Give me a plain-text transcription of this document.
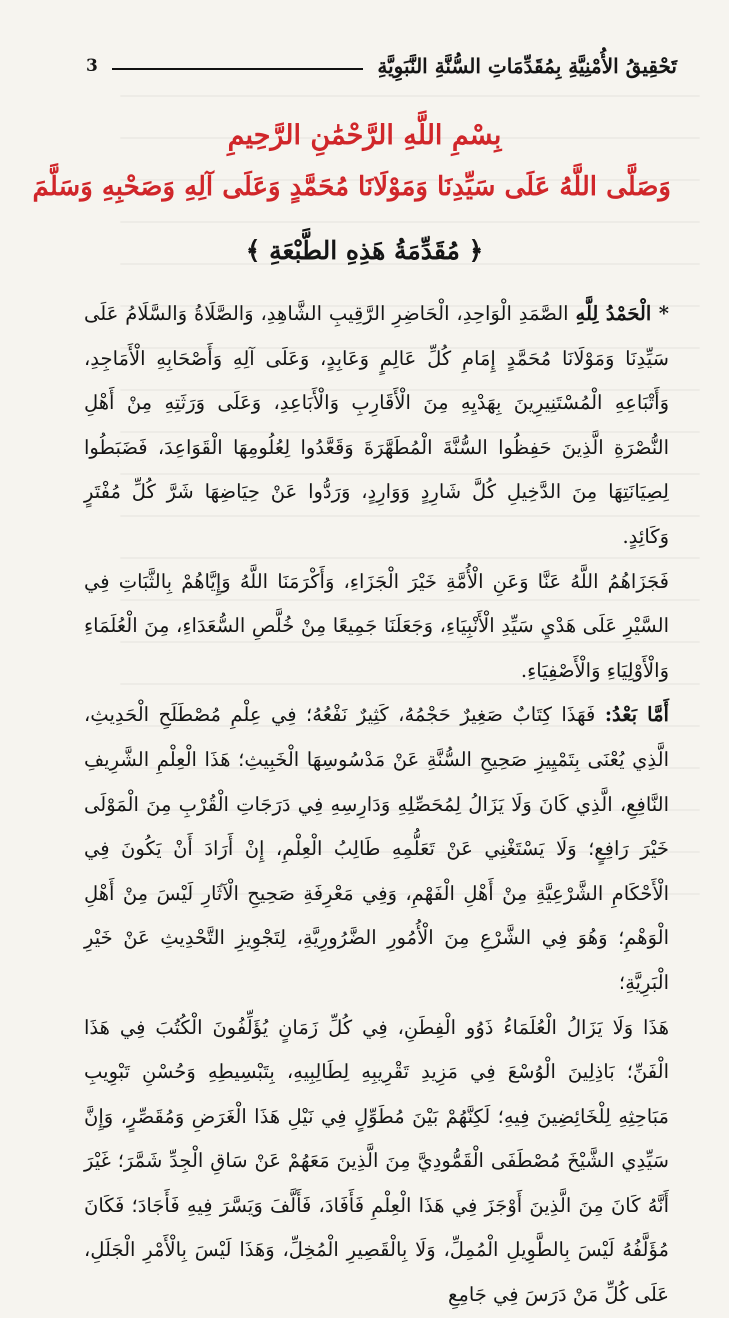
تَحْقِيقُ الأُمْنِيَّةِ بِمُقَدِّمَاتِ السُّنَّةِ النَّبَوِيَّةِ
3
بِسْمِ اللَّهِ الرَّحْمَٰنِ الرَّحِيمِ
وَصَلَّى اللَّهُ عَلَى سَيِّدِنَا وَمَوْلَانَا مُحَمَّدٍ وَعَلَى آلِهِ وَصَحْبِهِ وَسَلَّمَ
﴿ مُقَدِّمَةُ هَذِهِ الطَّبْعَةِ ﴾

* الْحَمْدُ لِلَّهِ الصَّمَدِ الْوَاحِدِ، الْحَاضِرِ الرَّقِيبِ الشَّاهِدِ، وَالصَّلَاةُ وَالسَّلَامُ عَلَى سَيِّدِنَا وَمَوْلَانَا مُحَمَّدٍ إِمَامِ كُلِّ عَالِمٍ وَعَابِدٍ، وَعَلَى آلِهِ وَأَصْحَابِهِ الْأَمَاجِدِ، وَأَتْبَاعِهِ الْمُسْتَنِيرِينَ بِهَدْيِهِ مِنَ الْأَقَارِبِ وَالْأَبَاعِدِ، وَعَلَى وَرَثَتِهِ مِنْ أَهْلِ النُّصْرَةِ الَّذِينَ حَفِظُوا السُّنَّةَ الْمُطَهَّرَةَ وَقَعَّدُوا لِعُلُومِهَا الْقَوَاعِدَ، فَضَبَطُوا لِصِيَانَتِهَا مِنَ الدَّخِيلِ كُلَّ شَارِدٍ وَوَارِدٍ، وَرَدُّوا عَنْ حِيَاضِهَا شَرَّ كُلِّ مُفْتَرٍ وَكَائِدٍ.

فَجَزَاهُمُ اللَّهُ عَنَّا وَعَنِ الْأُمَّةِ خَيْرَ الْجَزَاءِ، وَأَكْرَمَنَا اللَّهُ وَإِيَّاهُمْ بِالثَّبَاتِ فِي السَّيْرِ عَلَى هَدْيِ سَيِّدِ الْأَنْبِيَاءِ، وَجَعَلَنَا جَمِيعًا مِنْ خُلَّصِ السُّعَدَاءِ، مِنَ الْعُلَمَاءِ وَالْأَوْلِيَاءِ وَالْأَصْفِيَاءِ.

أَمَّا بَعْدُ: فَهَذَا كِتَابٌ صَغِيرٌ حَجْمُهُ، كَثِيرٌ نَفْعُهُ؛ فِي عِلْمِ مُصْطَلَحِ الْحَدِيثِ، الَّذِي يُعْنَى بِتَمْيِيزِ صَحِيحِ السُّنَّةِ عَنْ مَدْسُوسِهَا الْخَبِيثِ؛ هَذَا الْعِلْمِ الشَّرِيفِ النَّافِعِ، الَّذِي كَانَ وَلَا يَزَالُ لِمُحَصِّلِهِ وَدَارِسِهِ فِي دَرَجَاتِ الْقُرْبِ مِنَ الْمَوْلَى خَيْرَ رَافِعٍ؛ وَلَا يَسْتَغْنِي عَنْ تَعَلُّمِهِ طَالِبُ الْعِلْمِ، إِنْ أَرَادَ أَنْ يَكُونَ فِي الْأَحْكَامِ الشَّرْعِيَّةِ مِنْ أَهْلِ الْفَهْمِ، وَفِي مَعْرِفَةِ صَحِيحِ الْآثَارِ لَيْسَ مِنْ أَهْلِ الْوَهْمِ؛ وَهُوَ فِي الشَّرْعِ مِنَ الْأُمُورِ الضَّرُورِيَّةِ، لِتَجْوِيزِ التَّحْدِيثِ عَنْ خَيْرِ الْبَرِيَّةِ؛

هَذَا وَلَا يَزَالُ الْعُلَمَاءُ ذَوُو الْفِطَنِ، فِي كُلِّ زَمَانٍ يُؤَلِّفُونَ الْكُتُبَ فِي هَذَا الْفَنِّ؛ بَاذِلِينَ الْوُسْعَ فِي مَزِيدِ تَقْرِيبِهِ لِطَالِبِيهِ، بِتَبْسِيطِهِ وَحُسْنِ تَبْوِيبِ مَبَاحِثِهِ لِلْخَائِضِينَ فِيهِ؛ لَكِنَّهُمْ بَيْنَ مُطَوِّلٍ فِي نَيْلِ هَذَا الْغَرَضِ وَمُقَصِّرٍ، وَإِنَّ سَيِّدِي الشَّيْخَ مُصْطَفَى الْقَمُّودِيَّ مِنَ الَّذِينَ مَعَهُمْ عَنْ سَاقِ الْجِدِّ شَمَّرَ؛ غَيْرَ أَنَّهُ كَانَ مِنَ الَّذِينَ أَوْجَزَ فِي هَذَا الْعِلْمِ فَأَفَادَ، فَأَلَّفَ وَيَسَّرَ فِيهِ فَأَجَادَ؛ فَكَانَ مُؤَلَّفُهُ لَيْسَ بِالطَّوِيلِ الْمُمِلِّ، وَلَا بِالْقَصِيرِ الْمُخِلِّ، وَهَذَا لَيْسَ بِالْأَمْرِ الْجَلَلِ، عَلَى كُلِّ مَنْ دَرَسَ فِي جَامِعِ
